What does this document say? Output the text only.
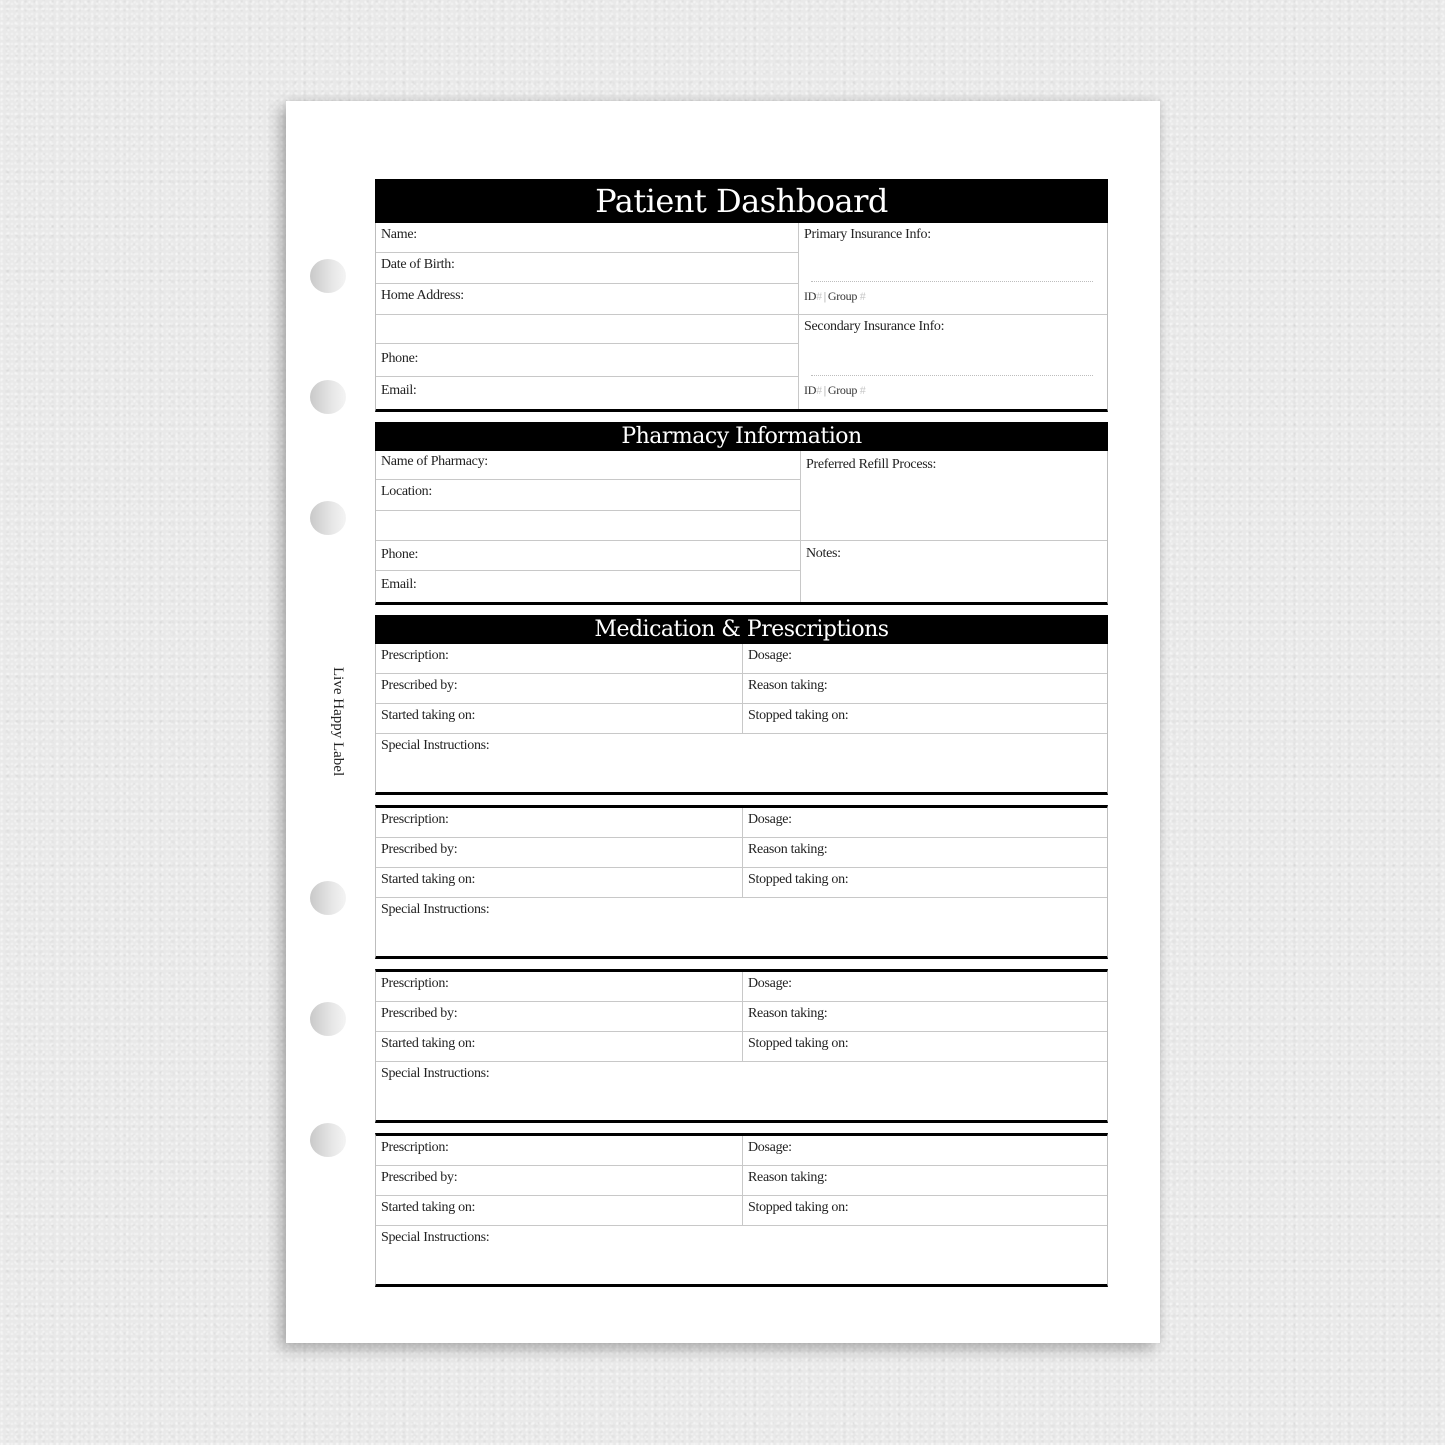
Live Happy Label
Patient Dashboard
Name:
Date of Birth:
Home Address:
Phone:
Email:
Primary Insurance Info:
ID# | Group #
Secondary Insurance Info:
ID# | Group #
Pharmacy Information
Name of Pharmacy:
Location:
Phone:
Email:
Preferred Refill Process:
Notes:
Medication & Prescriptions
Prescription:	Dosage:
Prescribed by:	Reason taking:
Started taking on:	Stopped taking on:
Special Instructions:
Prescription:	Dosage:
Prescribed by:	Reason taking:
Started taking on:	Stopped taking on:
Special Instructions:
Prescription:	Dosage:
Prescribed by:	Reason taking:
Started taking on:	Stopped taking on:
Special Instructions:
Prescription:	Dosage:
Prescribed by:	Reason taking:
Started taking on:	Stopped taking on:
Special Instructions:
